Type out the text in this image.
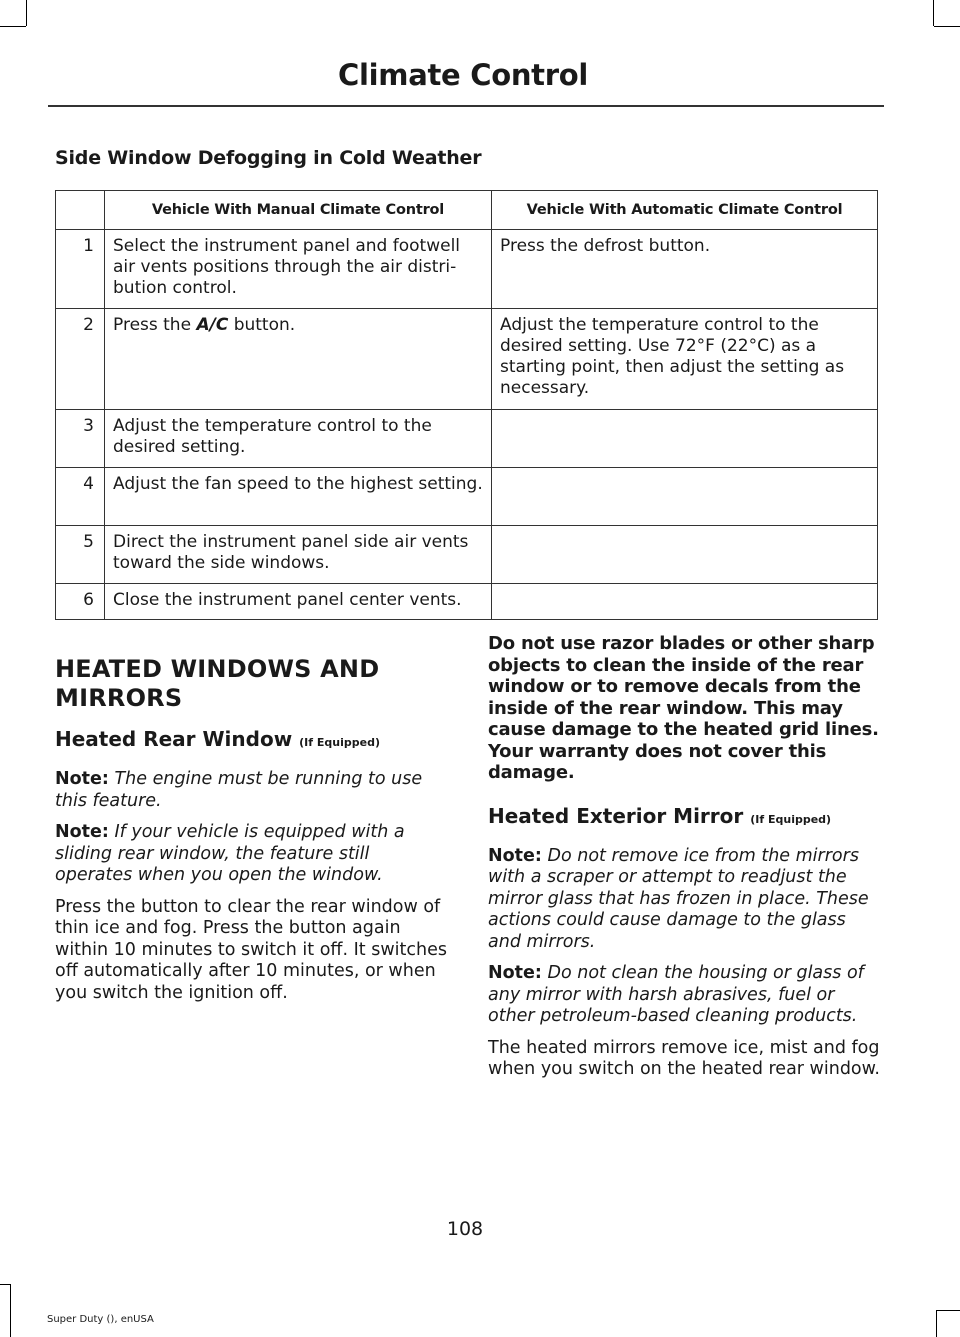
Climate Control
Side Window Defogging in Cold Weather
	Vehicle With Manual Climate Control	Vehicle With Automatic Climate Control
1	Select the instrument panel and footwell air vents positions through the air distri-bution control.	Press the defrost button.
2	Press the A/C button.	Adjust the temperature control to the desired setting. Use 72°F (22°C) as a starting point, then adjust the setting as necessary.
3	Adjust the temperature control to the desired setting.	
4	Adjust the fan speed to the highest setting.	
5	Direct the instrument panel side air vents toward the side windows.	
6	Close the instrument panel center vents.	
HEATED WINDOWS AND
MIRRORS
Heated Rear Window (If Equipped)

Note: The engine must be running to use this feature.

Note: If your vehicle is equipped with a sliding rear window, the feature still operates when you open the window.

Press the button to clear the rear window of thin ice and fog. Press the button again within 10 minutes to switch it off. It switches off automatically after 10 minutes, or when you switch the ignition off.

Do not use razor blades or other sharp objects to clean the inside of the rear window or to remove decals from the inside of the rear window. This may cause damage to the heated grid lines. Your warranty does not cover this damage.

Heated Exterior Mirror (If Equipped)

Note: Do not remove ice from the mirrors with a scraper or attempt to readjust the mirror glass that has frozen in place. These actions could cause damage to the glass and mirrors.

Note: Do not clean the housing or glass of any mirror with harsh abrasives, fuel or other petroleum-based cleaning products.

The heated mirrors remove ice, mist and fog when you switch on the heated rear window.

108
Super Duty (), enUSA
